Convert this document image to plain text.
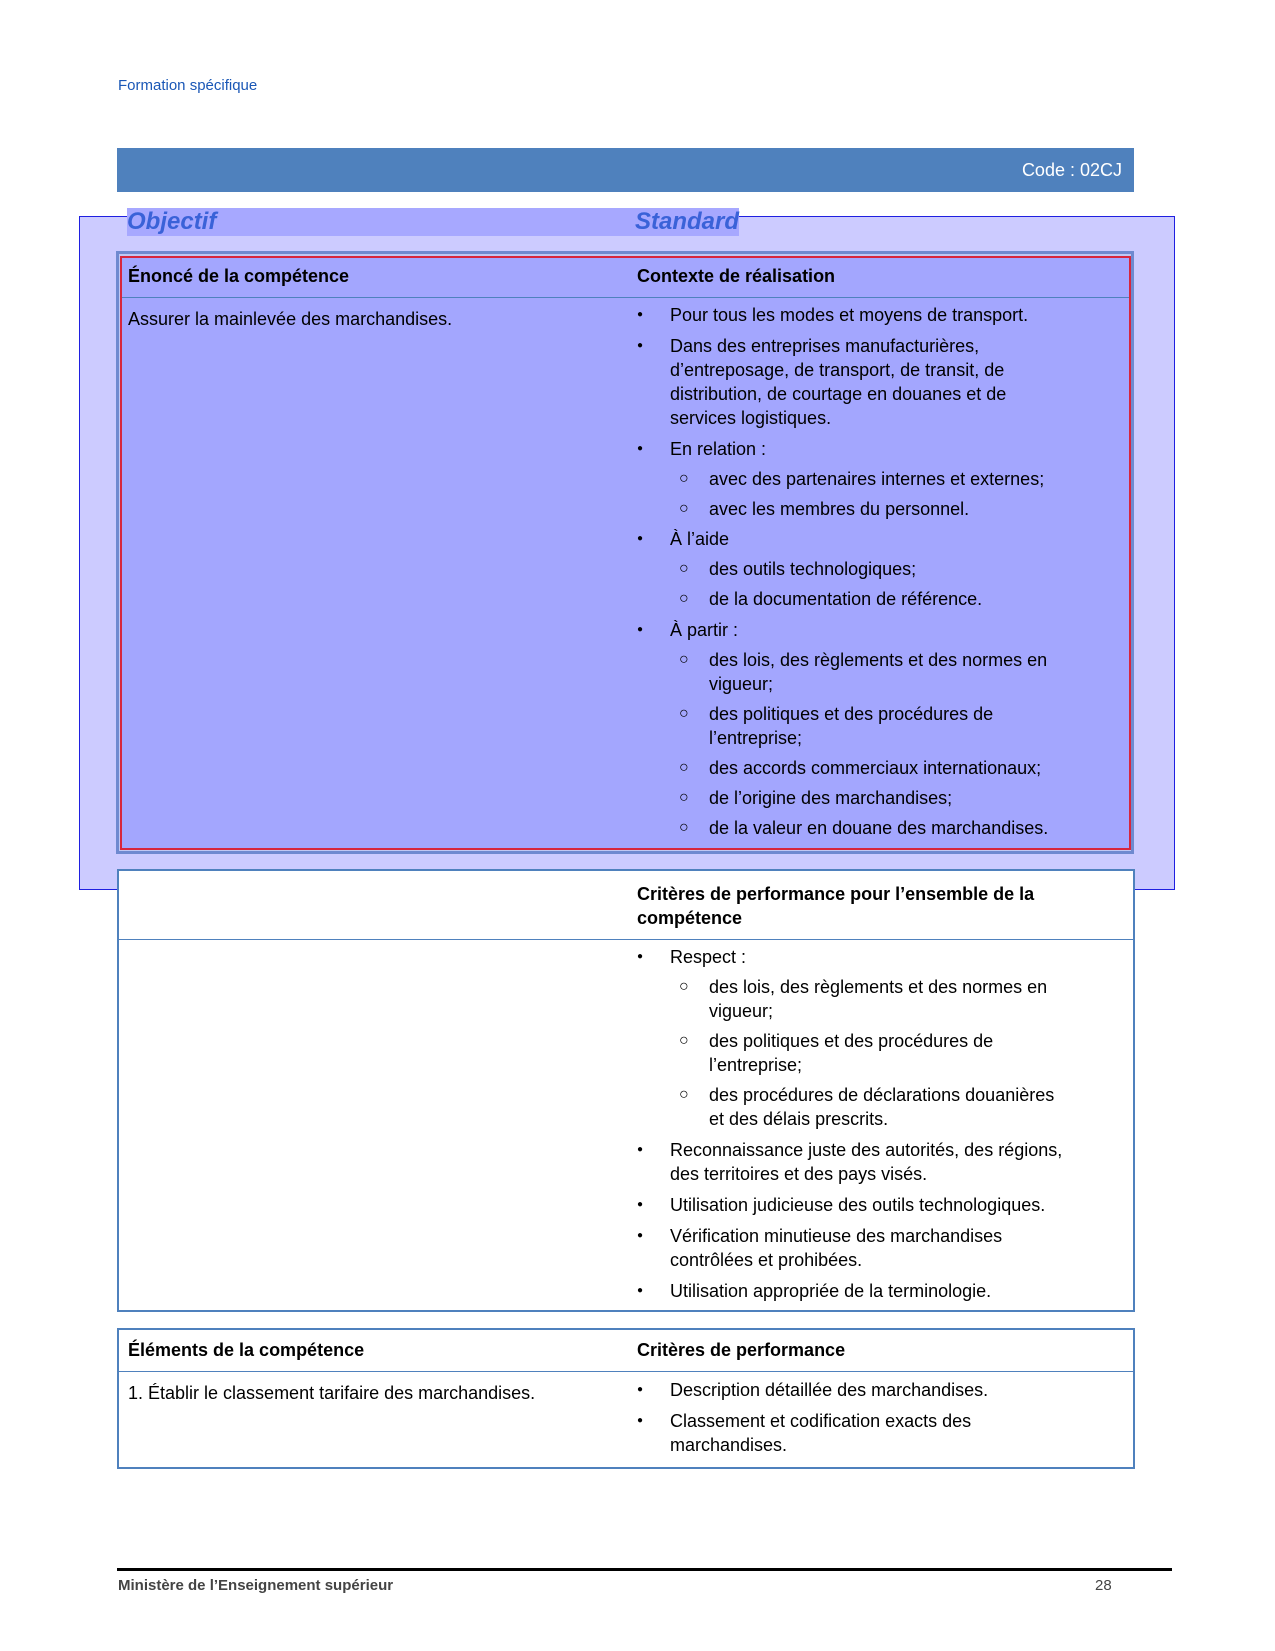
Formation spécifique
Code : 02CJ
Objectif	Standard
Énoncé de la compétence	Contexte de réalisation
Assurer la mainlevée des marchandises.	●	Pour tous les modes et moyens de transport.
●	Dans des entreprises manufacturières,
d’entreposage, de transport, de transit, de
distribution, de courtage en douanes et de
services logistiques.
●	En relation :
○	avec des partenaires internes et externes;
○	avec les membres du personnel.
●	À l’aide
○	des outils technologiques;
○	de la documentation de référence.
●	À partir :
○	des lois, des règlements et des normes en
vigueur;
○	des politiques et des procédures de
l’entreprise;
○	des accords commerciaux internationaux;
○	de l’origine des marchandises;
○	de la valeur en douane des marchandises.
Critères de performance pour l’ensemble de la compétence
●	Respect :
○	des lois, des règlements et des normes en
vigueur;
○	des politiques et des procédures de
l’entreprise;
○	des procédures de déclarations douanières
et des délais prescrits.
●	Reconnaissance juste des autorités, des régions,
des territoires et des pays visés.
●	Utilisation judicieuse des outils technologiques.
●	Vérification minutieuse des marchandises
contrôlées et prohibées.
●	Utilisation appropriée de la terminologie.
Éléments de la compétence	Critères de performance
1. Établir le classement tarifaire des marchandises.	●	Description détaillée des marchandises.
●	Classement et codification exacts des
marchandises.
Ministère de l’Enseignement supérieur	28
